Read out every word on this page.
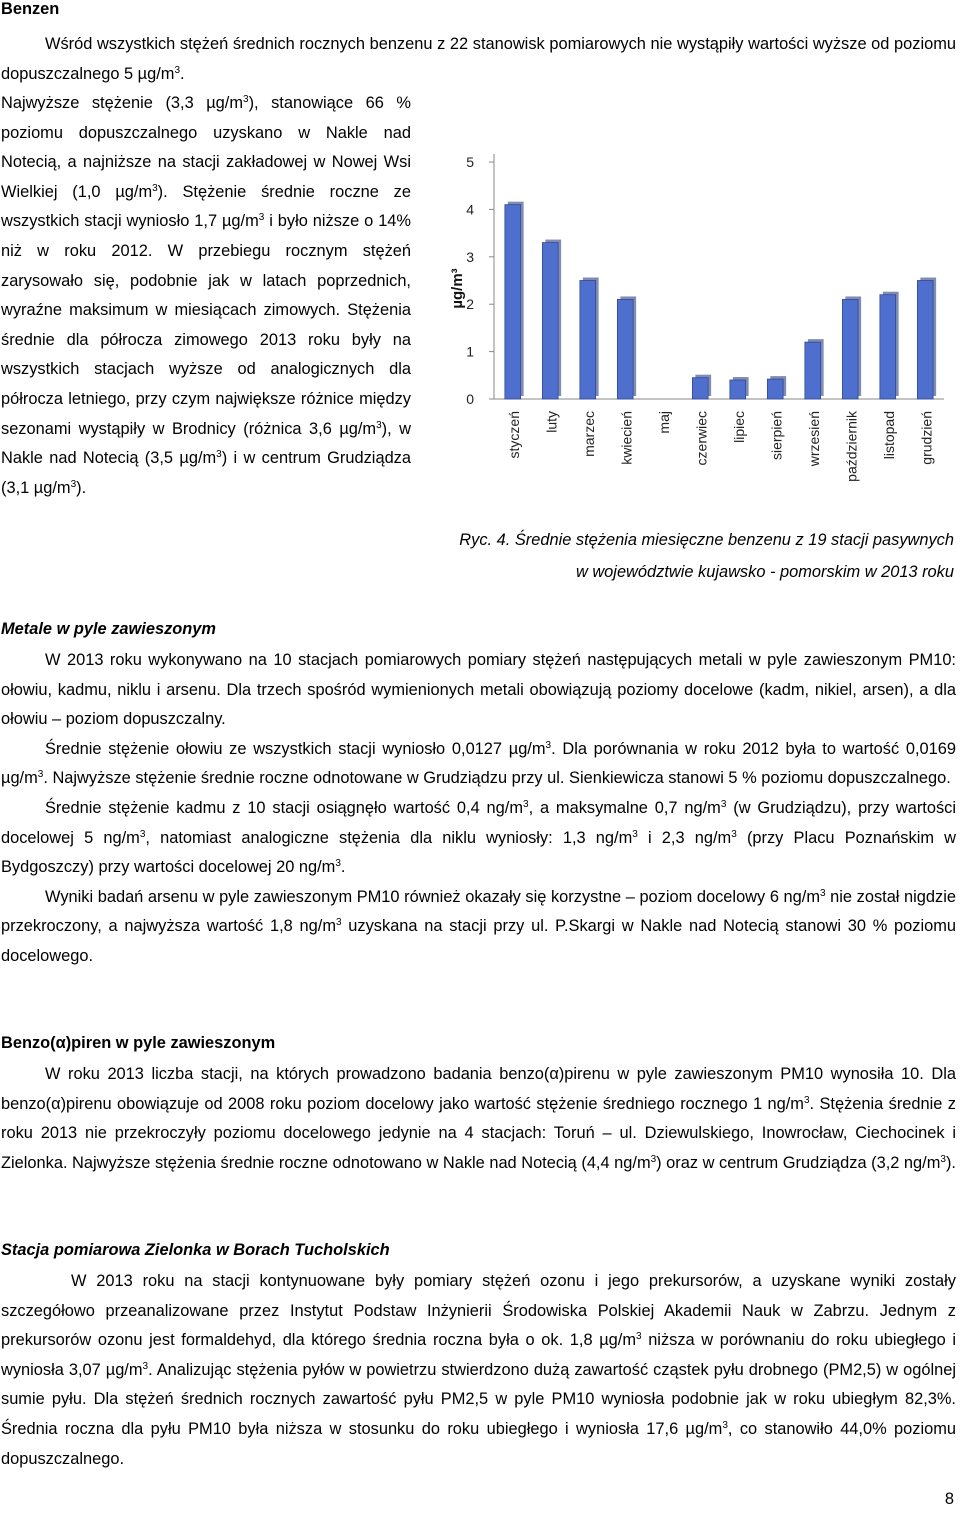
Benzen

Wśród wszystkich stężeń średnich rocznych benzenu z 22 stanowisk pomiarowych nie wystąpiły wartości wyższe od poziomu dopuszczalnego 5 $\mu g/m^3$.

Najwyższe stężenie (3,3 $\mu g/m^3$), stanowiące 66 % poziomu dopuszczalnego uzyskano w Nakle nad Notecią, a najniższe na stacji zakładowej w Nowej Wsi Wielkiej (1,0 $\mu g/m^3$). Stężenie średnie roczne ze wszystkich stacji wyniosło 1,7 $\mu g/m^3$ i było niższe o 14% niż w roku 2012. W przebiegu rocznym stężeń zarysowało się, podobnie jak w latach poprzednich, wyraźne maksimum w miesiącach zimowych. Stężenia średnie dla półrocza zimowego 2013 roku były na wszystkich stacjach wyższe od analogicznych dla półrocza letniego, przy czym największe różnice między sezonami wystąpiły w Brodnicy (różnica 3,6 $\mu g/m^3$), w Nakle nad Notecią (3,5 $\mu g/m^3$) i w centrum Grudziądza (3,1 $\mu g/m^3$).

0
1
2
3
4
5
µg/m³
styczeń luty marzec kwiecień maj czerwiec lipiec sierpień wrzesień październik listopad grudzień

Ryc. 4. Średnie stężenia miesięczne benzenu z 19 stacji pasywnych

w województwie kujawsko - pomorskim w 2013 roku

Metale w pyle zawieszonym

W 2013 roku wykonywano na 10 stacjach pomiarowych pomiary stężeń następujących metali w pyle zawieszonym PM10: ołowiu, kadmu, niklu i arsenu. Dla trzech spośród wymienionych metali obowiązują poziomy docelowe (kadm, nikiel, arsen), a dla ołowiu – poziom dopuszczalny.

Średnie stężenie ołowiu ze wszystkich stacji wyniosło 0,0127 $\mu g/m^3$. Dla porównania w roku 2012 była to wartość 0,0169 $\mu g/m^3$. Najwyższe stężenie średnie roczne odnotowane w Grudziądzu przy ul. Sienkiewicza stanowi 5 % poziomu dopuszczalnego.

Średnie stężenie kadmu z 10 stacji osiągnęło wartość 0,4 $ng/m^3$, a maksymalne 0,7 $ng/m^3$ (w Grudziądzu), przy wartości docelowej 5 $ng/m^3$, natomiast analogiczne stężenia dla niklu wyniosły: 1,3 $ng/m^3$ i 2,3 $ng/m^3$ (przy Placu Poznańskim w Bydgoszczy) przy wartości docelowej 20 $ng/m^3$.

Wyniki badań arsenu w pyle zawieszonym PM10 również okazały się korzystne – poziom docelowy 6 $ng/m^3$ nie został nigdzie przekroczony, a najwyższa wartość 1,8 $ng/m^3$ uzyskana na stacji przy ul. P.Skargi w Nakle nad Notecią stanowi 30 % poziomu docelowego.

Benzo(α)piren w pyle zawieszonym

W roku 2013 liczba stacji, na których prowadzono badania benzo(α)pirenu w pyle zawieszonym PM10 wynosiła 10. Dla benzo(α)pirenu obowiązuje od 2008 roku poziom docelowy jako wartość stężenie średniego rocznego 1 $ng/m^3$. Stężenia średnie z roku 2013 nie przekroczyły poziomu docelowego jedynie na 4 stacjach: Toruń – ul. Dziewulskiego, Inowrocław, Ciechocinek i Zielonka. Najwyższe stężenia średnie roczne odnotowano w Nakle nad Notecią (4,4 $ng/m^3$) oraz w centrum Grudziądza (3,2 $ng/m^3$).

Stacja pomiarowa Zielonka w Borach Tucholskich

W 2013 roku na stacji kontynuowane były pomiary stężeń ozonu i jego prekursorów, a uzyskane wyniki zostały szczegółowo przeanalizowane przez Instytut Podstaw Inżynierii Środowiska Polskiej Akademii Nauk w Zabrzu. Jednym z prekursorów ozonu jest formaldehyd, dla którego średnia roczna była o ok. 1,8 $\mu g/m^3$ niższa w porównaniu do roku ubiegłego i wyniosła 3,07 $\mu g/m^3$. Analizując stężenia pyłów w powietrzu stwierdzono dużą zawartość cząstek pyłu drobnego (PM2,5) w ogólnej sumie pyłu. Dla stężeń średnich rocznych zawartość pyłu PM2,5 w pyle PM10 wyniosła podobnie jak w roku ubiegłym 82,3%. Średnia roczna dla pyłu PM10 była niższa w stosunku do roku ubiegłego i wyniosła 17,6 $\mu g/m^3$, co stanowiło 44,0% poziomu dopuszczalnego.

8
